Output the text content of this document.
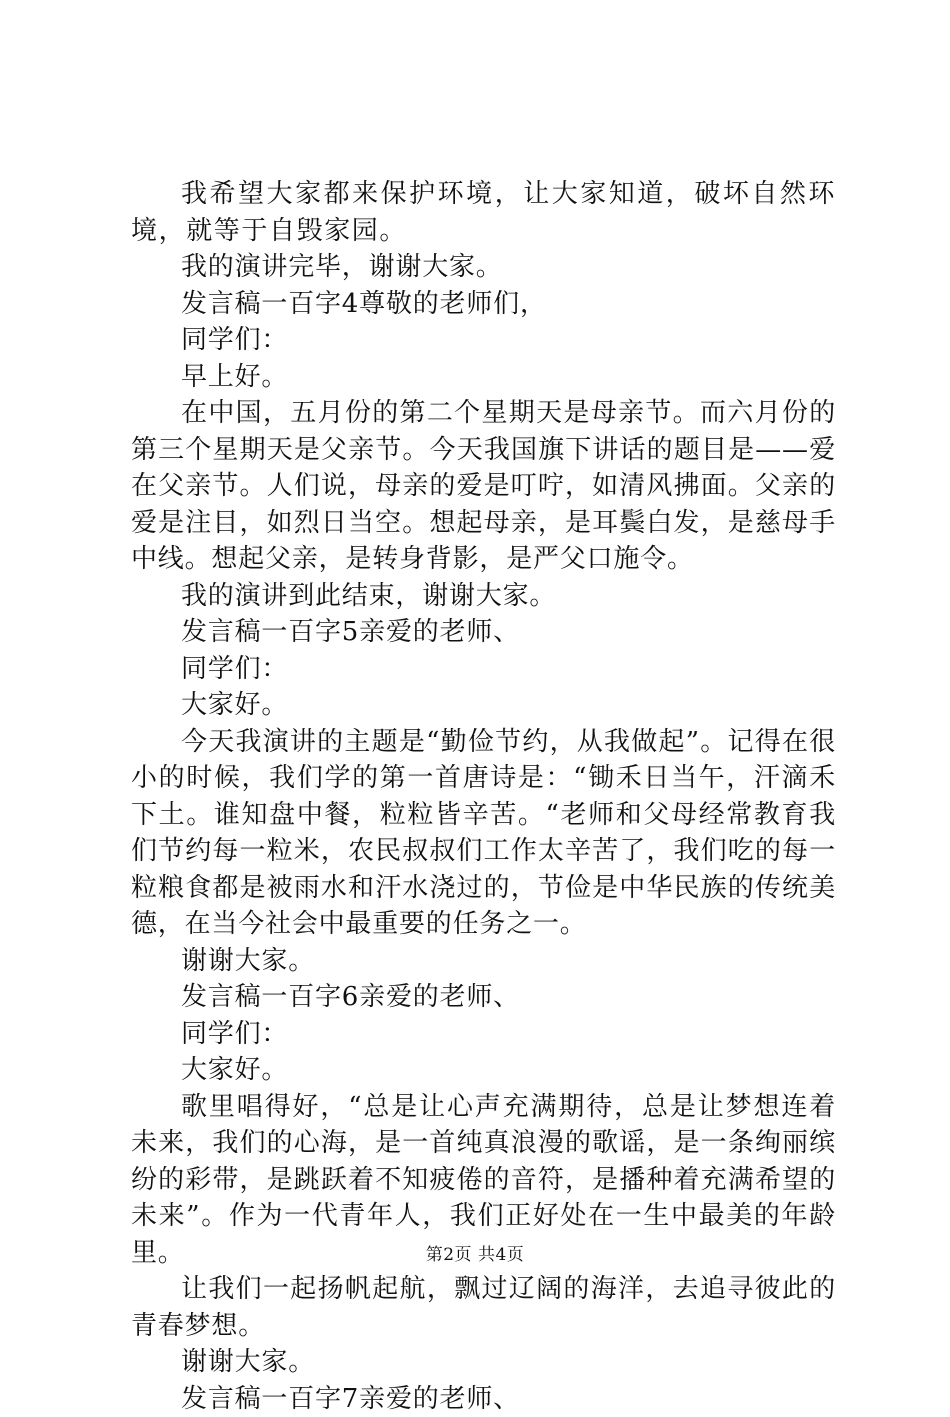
我希望大家都来保护环境，让大家知道，破坏自然环境，就等于自毁家园。

我的演讲完毕，谢谢大家。

发言稿一百字4尊敬的老师们，

同学们：

早上好。

在中国，五月份的第二个星期天是母亲节。而六月份的第三个星期天是父亲节。今天我国旗下讲话的题目是——爱在父亲节。人们说，母亲的爱是叮咛，如清风拂面。父亲的爱是注目，如烈日当空。想起母亲，是耳鬓白发，是慈母手中线。想起父亲，是转身背影，是严父口施令。

我的演讲到此结束，谢谢大家。

发言稿一百字5亲爱的老师、

同学们：

大家好。

今天我演讲的主题是“勤俭节约，从我做起”。记得在很小的时候，我们学的第一首唐诗是：“锄禾日当午，汗滴禾下土。谁知盘中餐，粒粒皆辛苦。“老师和父母经常教育我们节约每一粒米，农民叔叔们工作太辛苦了，我们吃的每一粒粮食都是被雨水和汗水浇过的，节俭是中华民族的传统美德，在当今社会中最重要的任务之一。

谢谢大家。

发言稿一百字6亲爱的老师、

同学们：

大家好。

歌里唱得好，“总是让心声充满期待，总是让梦想连着未来，我们的心海，是一首纯真浪漫的歌谣，是一条绚丽缤纷的彩带，是跳跃着不知疲倦的音符，是播种着充满希望的未来”。作为一代青年人，我们正好处在一生中最美的年龄里。

让我们一起扬帆起航，飘过辽阔的海洋，去追寻彼此的青春梦想。

谢谢大家。

发言稿一百字7亲爱的老师、

第2页 共4页
